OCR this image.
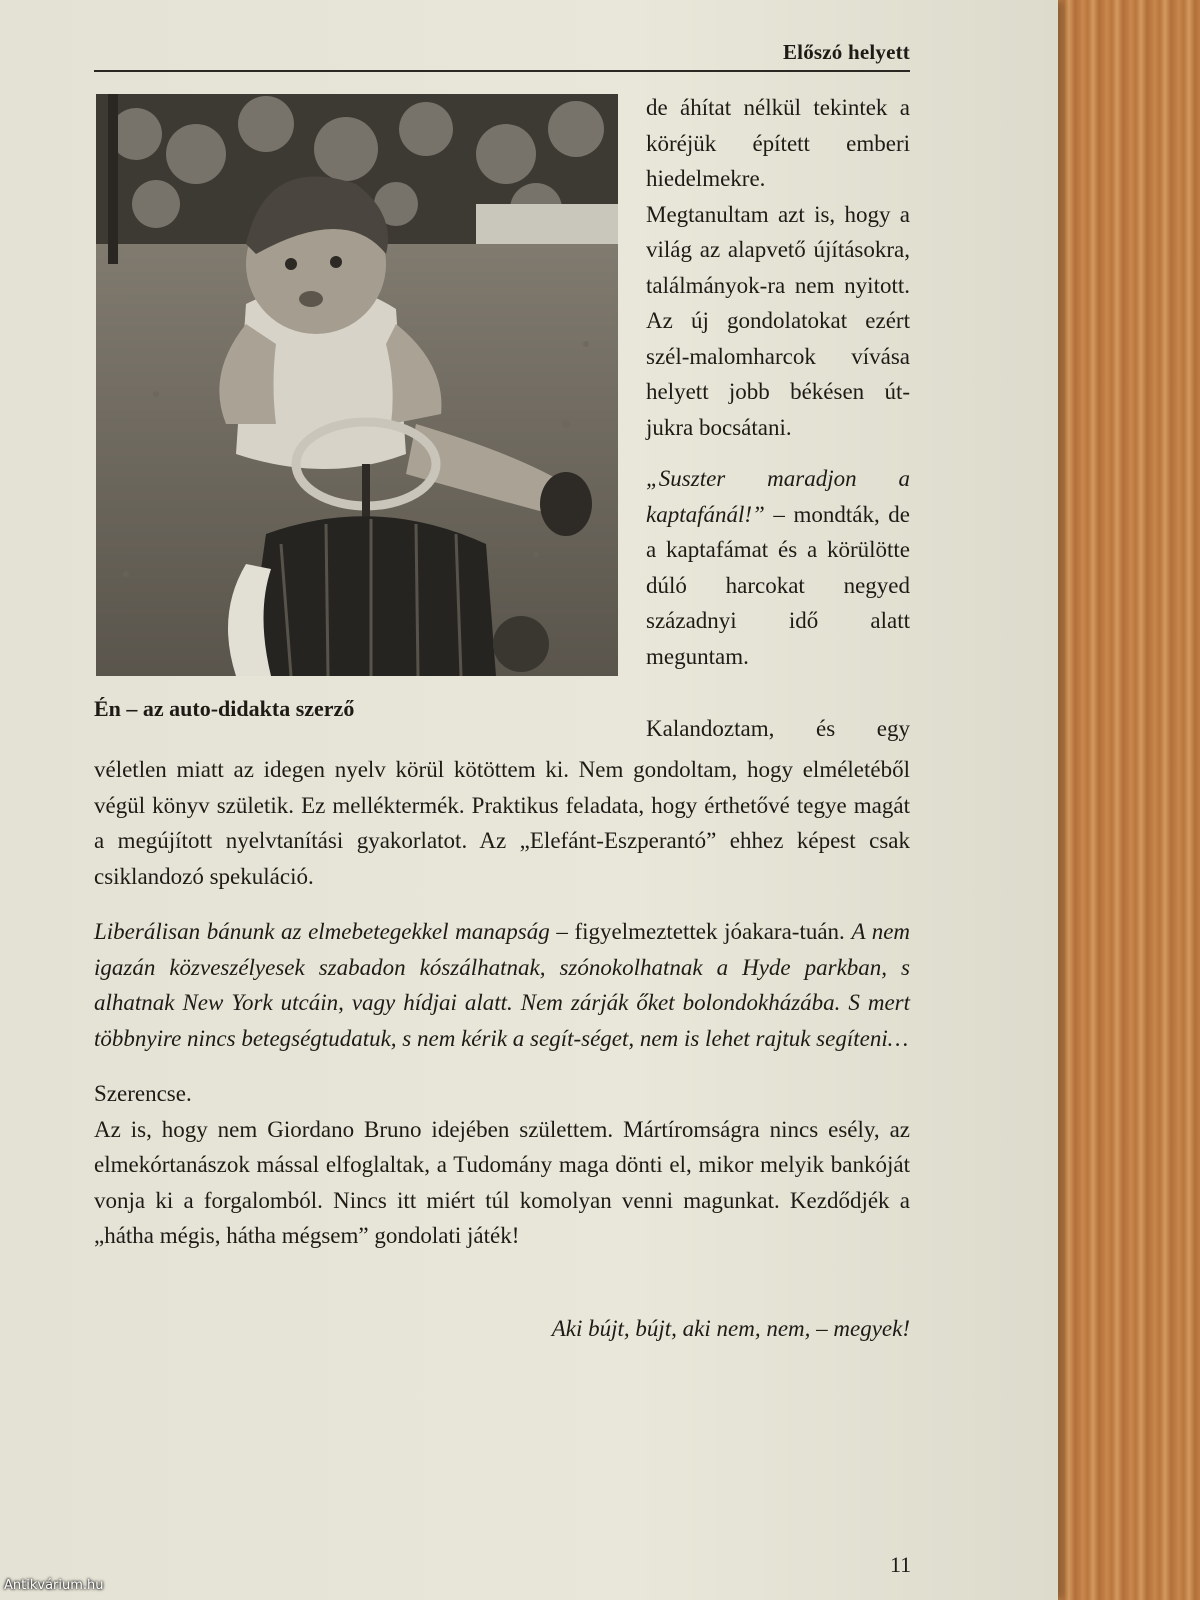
Előszó helyett
Én – az auto-didakta szerző

de áhítat nélkül tekintek a köréjük épített emberi hiedelmekre.

Megtanultam azt is, hogy a világ az alapvető újításokra, találmányok-ra nem nyitott. Az új gondolatokat ezért szél-malomharcok vívása helyett jobb békésen út-jukra bocsátani.

„Suszter maradjon a kaptafánál!” – mondták, de a kaptafámat és a körülötte dúló harcokat negyed századnyi idő alatt meguntam.

Kalandoztam, és egy

véletlen miatt az idegen nyelv körül kötöttem ki. Nem gondoltam, hogy elméletéből végül könyv születik. Ez melléktermék. Praktikus feladata, hogy érthetővé tegye magát a megújított nyelvtanítási gyakorlatot. Az „Elefánt-Eszperantó” ehhez képest csak csiklandozó spekuláció.

Liberálisan bánunk az elmebetegekkel manapság – figyelmeztettek jóakara-tuán. A nem igazán közveszélyesek szabadon kószálhatnak, szónokolhatnak a Hyde parkban, s alhatnak New York utcáin, vagy hídjai alatt. Nem zárják őket bolondokházába. S mert többnyire nincs betegségtudatuk, s nem kérik a segít-séget, nem is lehet rajtuk segíteni…

Szerencse.

Az is, hogy nem Giordano Bruno idejében születtem. Mártíromságra nincs esély, az elmekórtanászok mással elfoglaltak, a Tudomány maga dönti el, mikor melyik bankóját vonja ki a forgalomból. Nincs itt miért túl komolyan venni magunkat. Kezdődjék a „hátha mégis, hátha mégsem” gondolati játék!

Aki bújt, bújt, aki nem, nem, – megyek!
11
Antikvárium.hu
